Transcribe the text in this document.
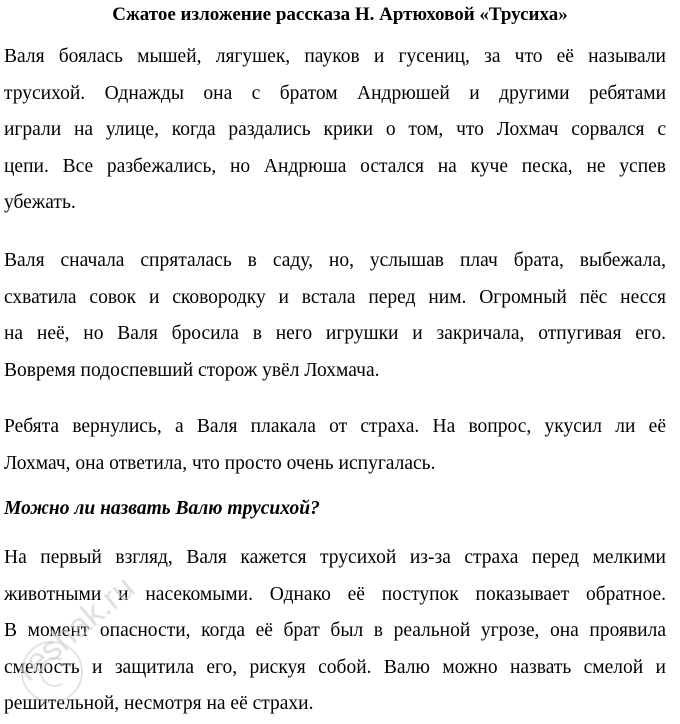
Сжатое изложение рассказа Н. Артюховой «Трусиха»

Валя боялась мышей, лягушек, пауков и гусениц, за что её называли
трусихой. Однажды она с братом Андрюшей и другими ребятами
играли на улице, когда раздались крики о том, что Лохмач сорвался с
цепи. Все разбежались, но Андрюша остался на куче песка, не успев
убежать.

Валя сначала спряталась в саду, но, услышав плач брата, выбежала,
схватила совок и сковородку и встала перед ним. Огромный пёс несся
на неё, но Валя бросила в него игрушки и закричала, отпугивая его.
Вовремя подоспевший сторож увёл Лохмача.

Ребята вернулись, а Валя плакала от страха. На вопрос, укусил ли её
Лохмач, она ответила, что просто очень испугалась.

Можно ли назвать Валю трусихой?

На первый взгляд, Валя кажется трусихой из-за страха перед мелкими
животными и насекомыми. Однако её поступок показывает обратное.
В момент опасности, когда её брат был в реальной угрозе, она проявила
смелость и защитила его, рискуя собой. Валю можно назвать смелой и
решительной, несмотря на её страхи.

reshak.ru
